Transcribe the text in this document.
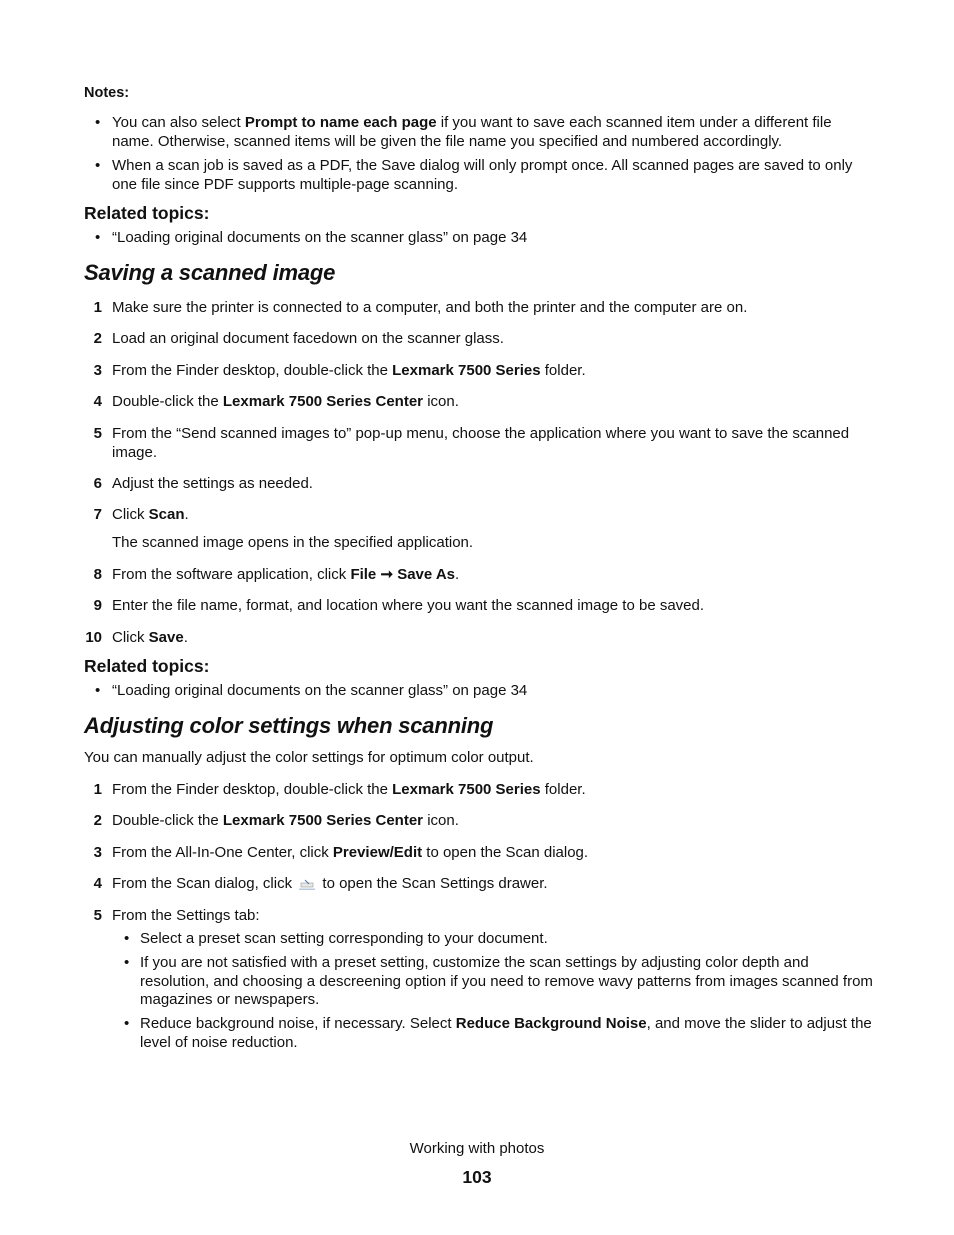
Notes:
• You can also select Prompt to name each page if you want to save each scanned item under a different file name. Otherwise, scanned items will be given the file name you specified and numbered accordingly.
• When a scan job is saved as a PDF, the Save dialog will only prompt once. All scanned pages are saved to only one file since PDF supports multiple-page scanning.
Related topics:
• “Loading original documents on the scanner glass” on page 34
Saving a scanned image
1 Make sure the printer is connected to a computer, and both the printer and the computer are on.
2 Load an original document facedown on the scanner glass.
3 From the Finder desktop, double-click the Lexmark 7500 Series folder.
4 Double-click the Lexmark 7500 Series Center icon.
5 From the “Send scanned images to” pop-up menu, choose the application where you want to save the scanned image.
6 Adjust the settings as needed.
7 Click Scan.
The scanned image opens in the specified application.
8 From the software application, click File ➞ Save As.
9 Enter the file name, format, and location where you want the scanned image to be saved.
10 Click Save.
Related topics:
• “Loading original documents on the scanner glass” on page 34
Adjusting color settings when scanning
You can manually adjust the color settings for optimum color output.
1 From the Finder desktop, double-click the Lexmark 7500 Series folder.
2 Double-click the Lexmark 7500 Series Center icon.
3 From the All-In-One Center, click Preview/Edit to open the Scan dialog.
4 From the Scan dialog, click  to open the Scan Settings drawer.
5 From the Settings tab:
• Select a preset scan setting corresponding to your document.
• If you are not satisfied with a preset setting, customize the scan settings by adjusting color depth and resolution, and choosing a descreening option if you need to remove wavy patterns from images scanned from magazines or newspapers.
• Reduce background noise, if necessary. Select Reduce Background Noise, and move the slider to adjust the level of noise reduction.
Working with photos
103
